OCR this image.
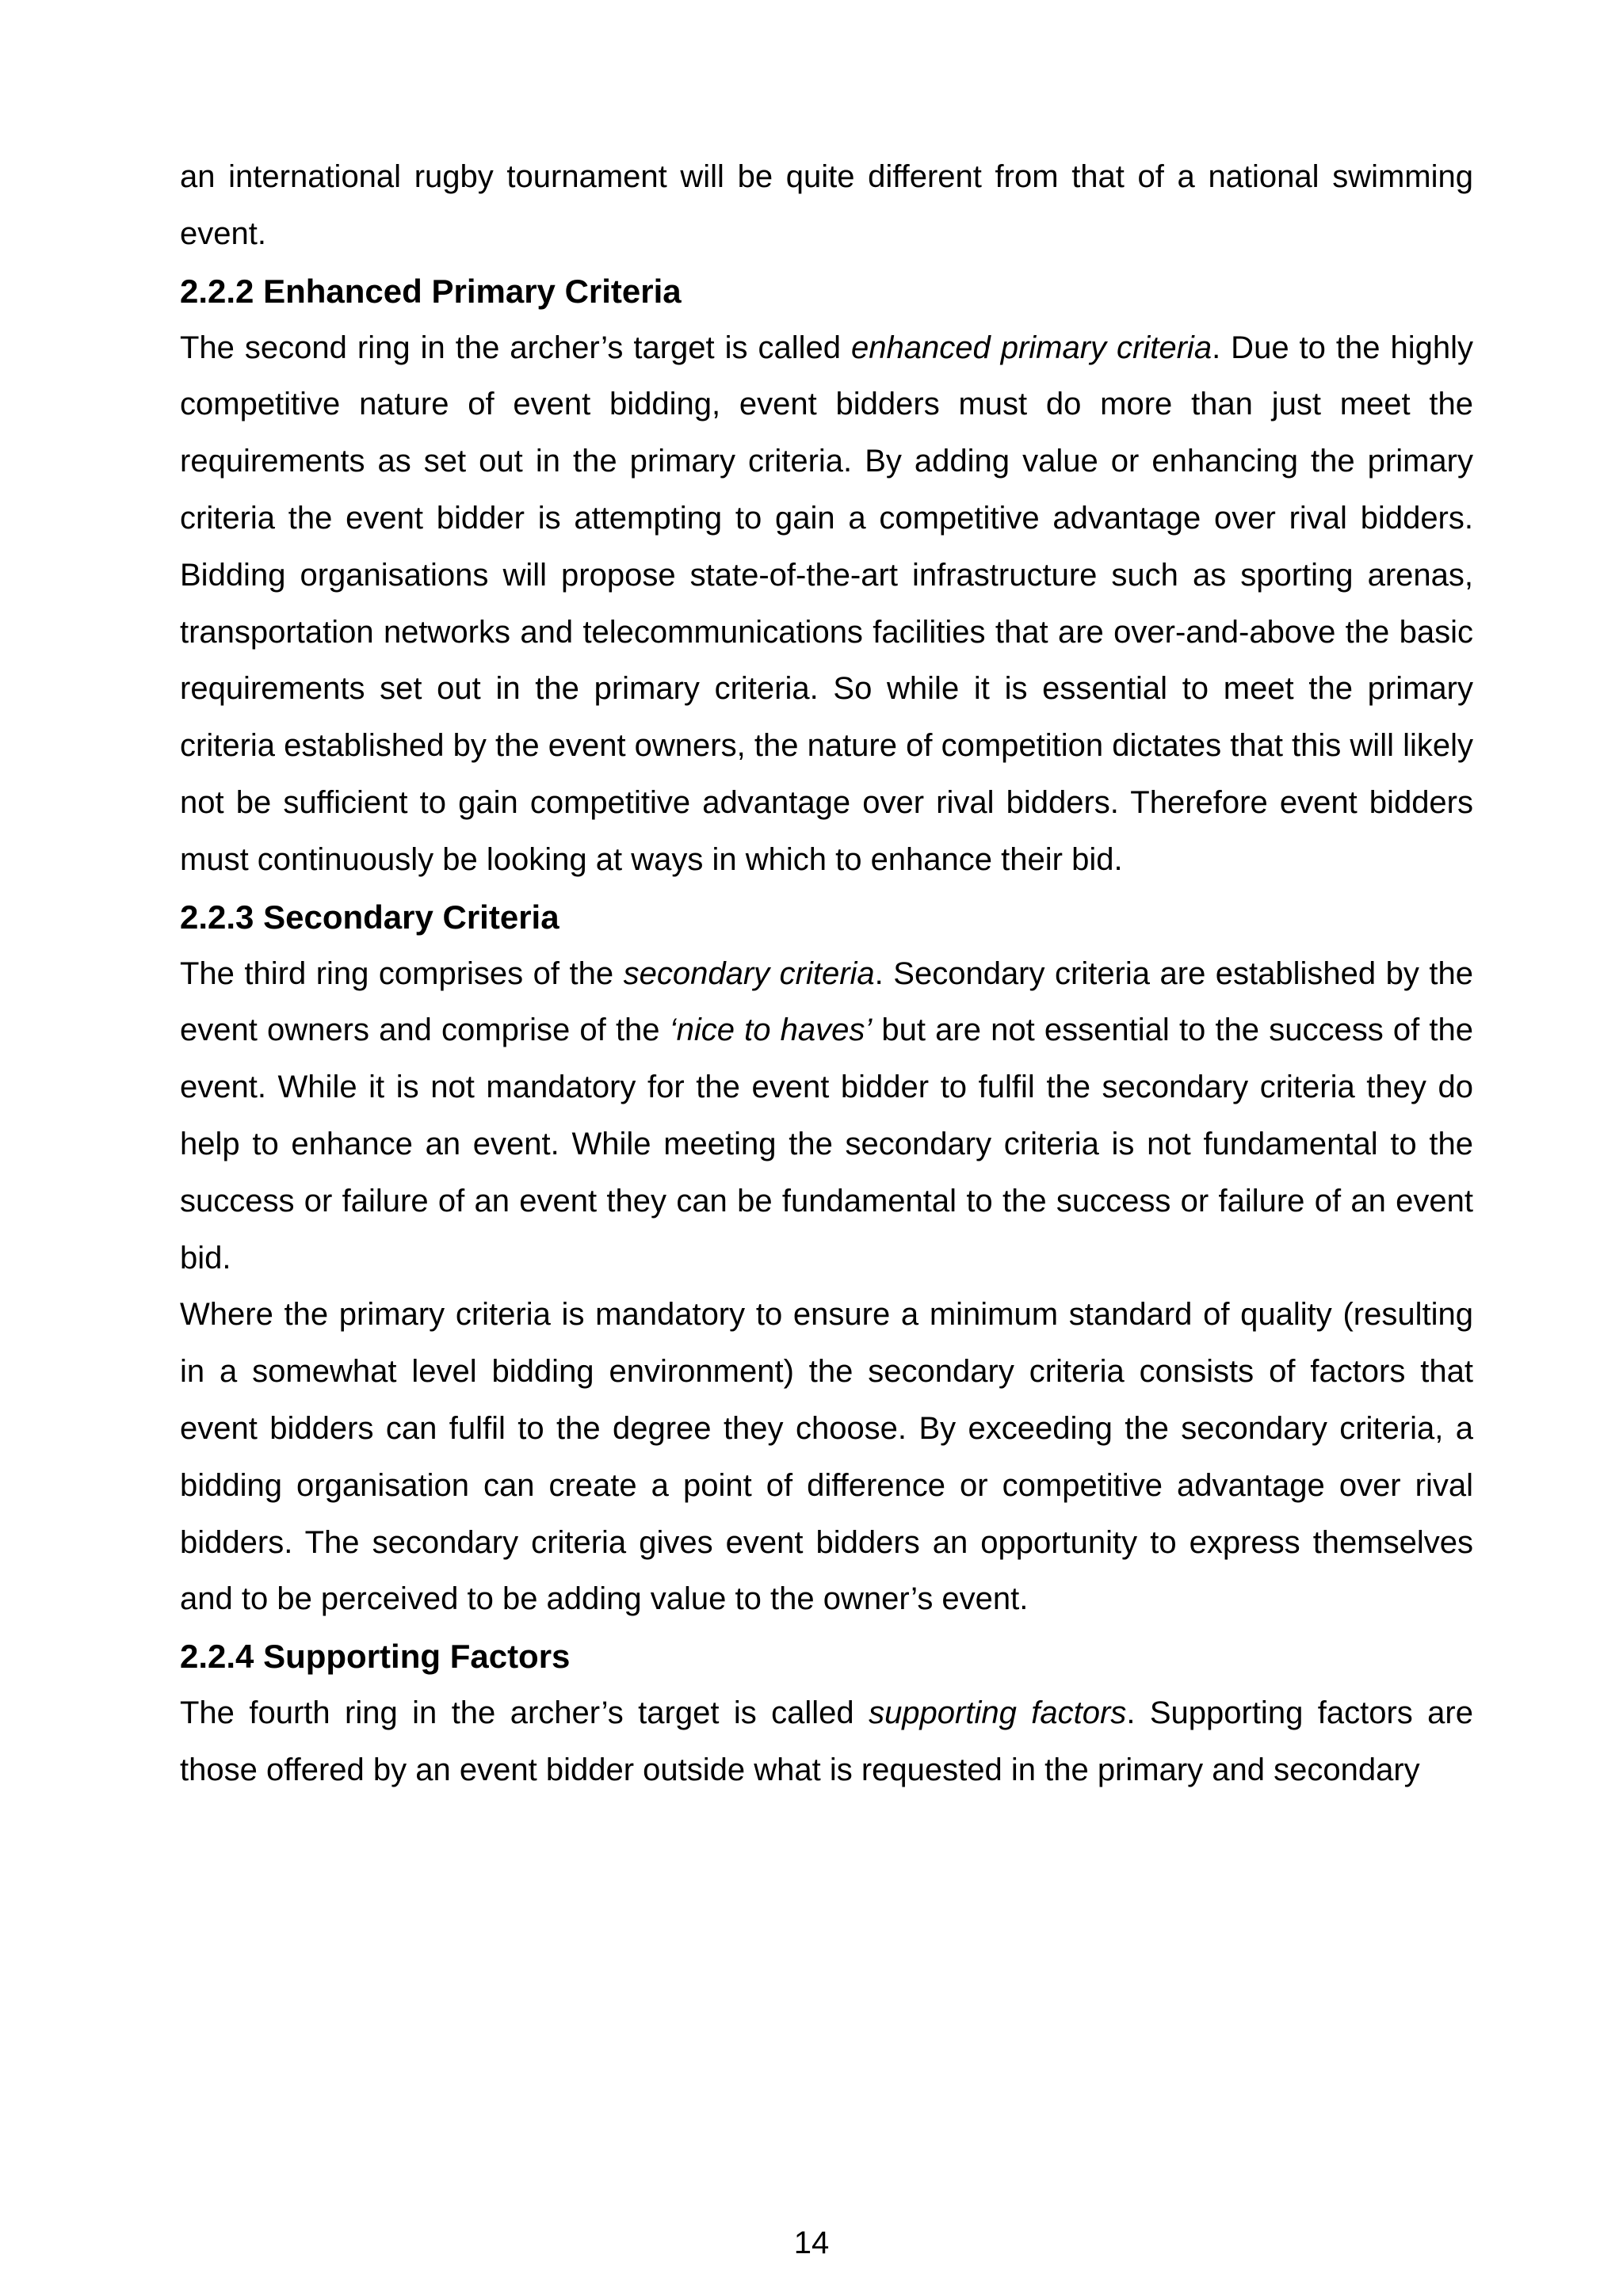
an international rugby tournament will be quite different from that of a national swimming event.

2.2.2 Enhanced Primary Criteria

The second ring in the archer’s target is called enhanced primary criteria. Due to the highly competitive nature of event bidding, event bidders must do more than just meet the requirements as set out in the primary criteria. By adding value or enhancing the primary criteria the event bidder is attempting to gain a competitive advantage over rival bidders. Bidding organisations will propose state-of-the-art infrastructure such as sporting arenas, transportation networks and telecommunications facilities that are over-and-above the basic requirements set out in the primary criteria. So while it is essential to meet the primary criteria established by the event owners, the nature of competition dictates that this will likely not be sufficient to gain competitive advantage over rival bidders. Therefore event bidders must continuously be looking at ways in which to enhance their bid.

2.2.3 Secondary Criteria

The third ring comprises of the secondary criteria. Secondary criteria are established by the event owners and comprise of the ‘nice to haves’ but are not essential to the success of the event. While it is not mandatory for the event bidder to fulfil the secondary criteria they do help to enhance an event. While meeting the secondary criteria is not fundamental to the success or failure of an event they can be fundamental to the success or failure of an event bid.

Where the primary criteria is mandatory to ensure a minimum standard of quality (resulting in a somewhat level bidding environment) the secondary criteria consists of factors that event bidders can fulfil to the degree they choose. By exceeding the secondary criteria, a bidding organisation can create a point of difference or competitive advantage over rival bidders. The secondary criteria gives event bidders an opportunity to express themselves and to be perceived to be adding value to the owner’s event.

2.2.4 Supporting Factors

The fourth ring in the archer’s target is called supporting factors. Supporting factors are those offered by an event bidder outside what is requested in the primary and secondary

14
